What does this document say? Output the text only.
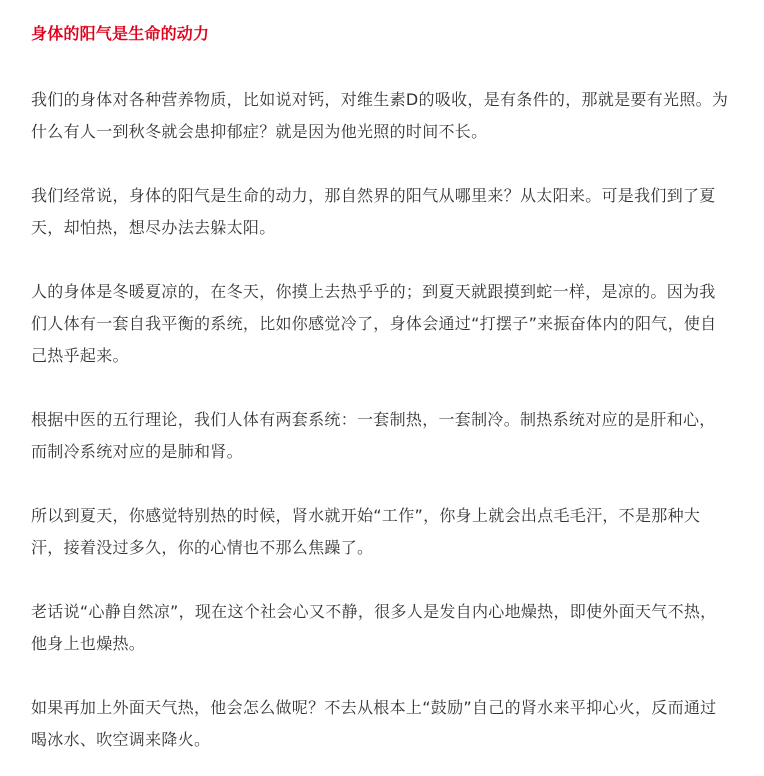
身体的阳气是生命的动力

我们的身体对各种营养物质，比如说对钙，对维生素D的吸收，是有条件的，那就是要有光照。为什么有人一到秋冬就会患抑郁症？就是因为他光照的时间不长。

我们经常说，身体的阳气是生命的动力，那自然界的阳气从哪里来？从太阳来。可是我们到了夏天，却怕热，想尽办法去躲太阳。

人的身体是冬暖夏凉的，在冬天，你摸上去热乎乎的；到夏天就跟摸到蛇一样，是凉的。因为我们人体有一套自我平衡的系统，比如你感觉冷了，身体会通过“打摆子”来振奋体内的阳气，使自己热乎起来。

根据中医的五行理论，我们人体有两套系统：一套制热，一套制冷。制热系统对应的是肝和心，而制冷系统对应的是肺和肾。

所以到夏天，你感觉特别热的时候，肾水就开始“工作”，你身上就会出点毛毛汗，不是那种大汗，接着没过多久，你的心情也不那么焦躁了。

老话说“心静自然凉”，现在这个社会心又不静，很多人是发自内心地燥热，即使外面天气不热，他身上也燥热。

如果再加上外面天气热，他会怎么做呢？不去从根本上“鼓励”自己的肾水来平抑心火，反而通过喝冰水、吹空调来降火。
